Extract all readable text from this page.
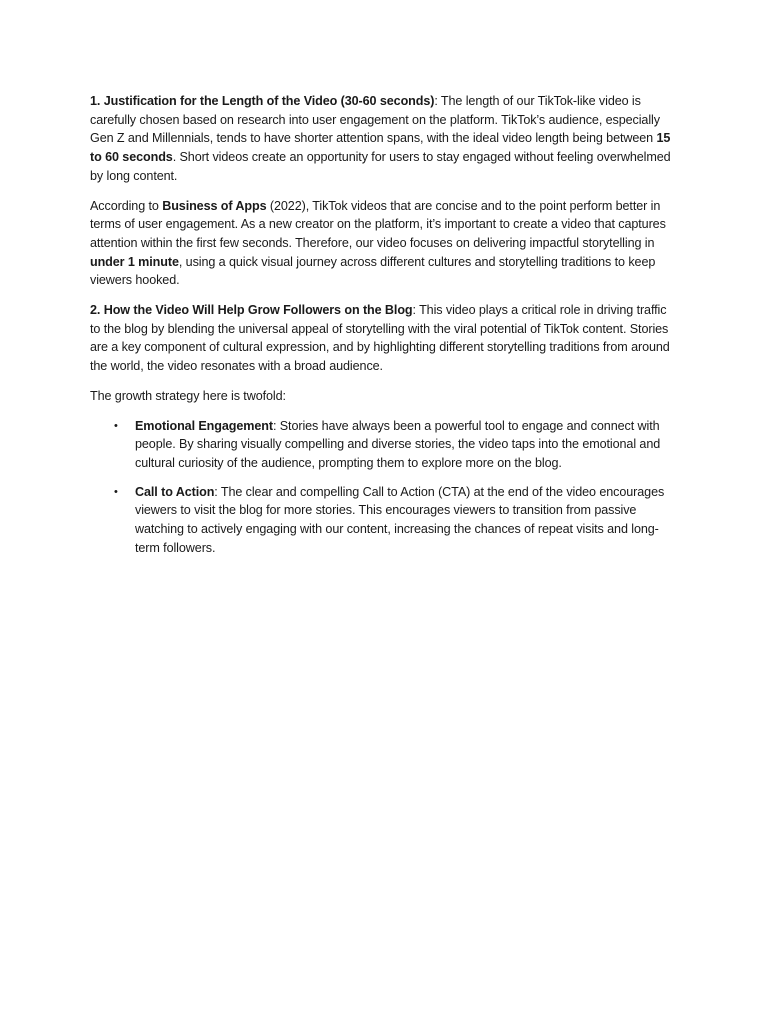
1. Justification for the Length of the Video (30-60 seconds): The length of our TikTok-like video is carefully chosen based on research into user engagement on the platform. TikTok’s audience, especially Gen Z and Millennials, tends to have shorter attention spans, with the ideal video length being between 15 to 60 seconds. Short videos create an opportunity for users to stay engaged without feeling overwhelmed by long content.

According to Business of Apps (2022), TikTok videos that are concise and to the point perform better in terms of user engagement. As a new creator on the platform, it’s important to create a video that captures attention within the first few seconds. Therefore, our video focuses on delivering impactful storytelling in under 1 minute, using a quick visual journey across different cultures and storytelling traditions to keep viewers hooked.

2. How the Video Will Help Grow Followers on the Blog: This video plays a critical role in driving traffic to the blog by blending the universal appeal of storytelling with the viral potential of TikTok content. Stories are a key component of cultural expression, and by highlighting different storytelling traditions from around the world, the video resonates with a broad audience.

The growth strategy here is twofold:

• Emotional Engagement: Stories have always been a powerful tool to engage and connect with people. By sharing visually compelling and diverse stories, the video taps into the emotional and cultural curiosity of the audience, prompting them to explore more on the blog.
• Call to Action: The clear and compelling Call to Action (CTA) at the end of the video encourages viewers to visit the blog for more stories. This encourages viewers to transition from passive watching to actively engaging with our content, increasing the chances of repeat visits and long-term followers.
